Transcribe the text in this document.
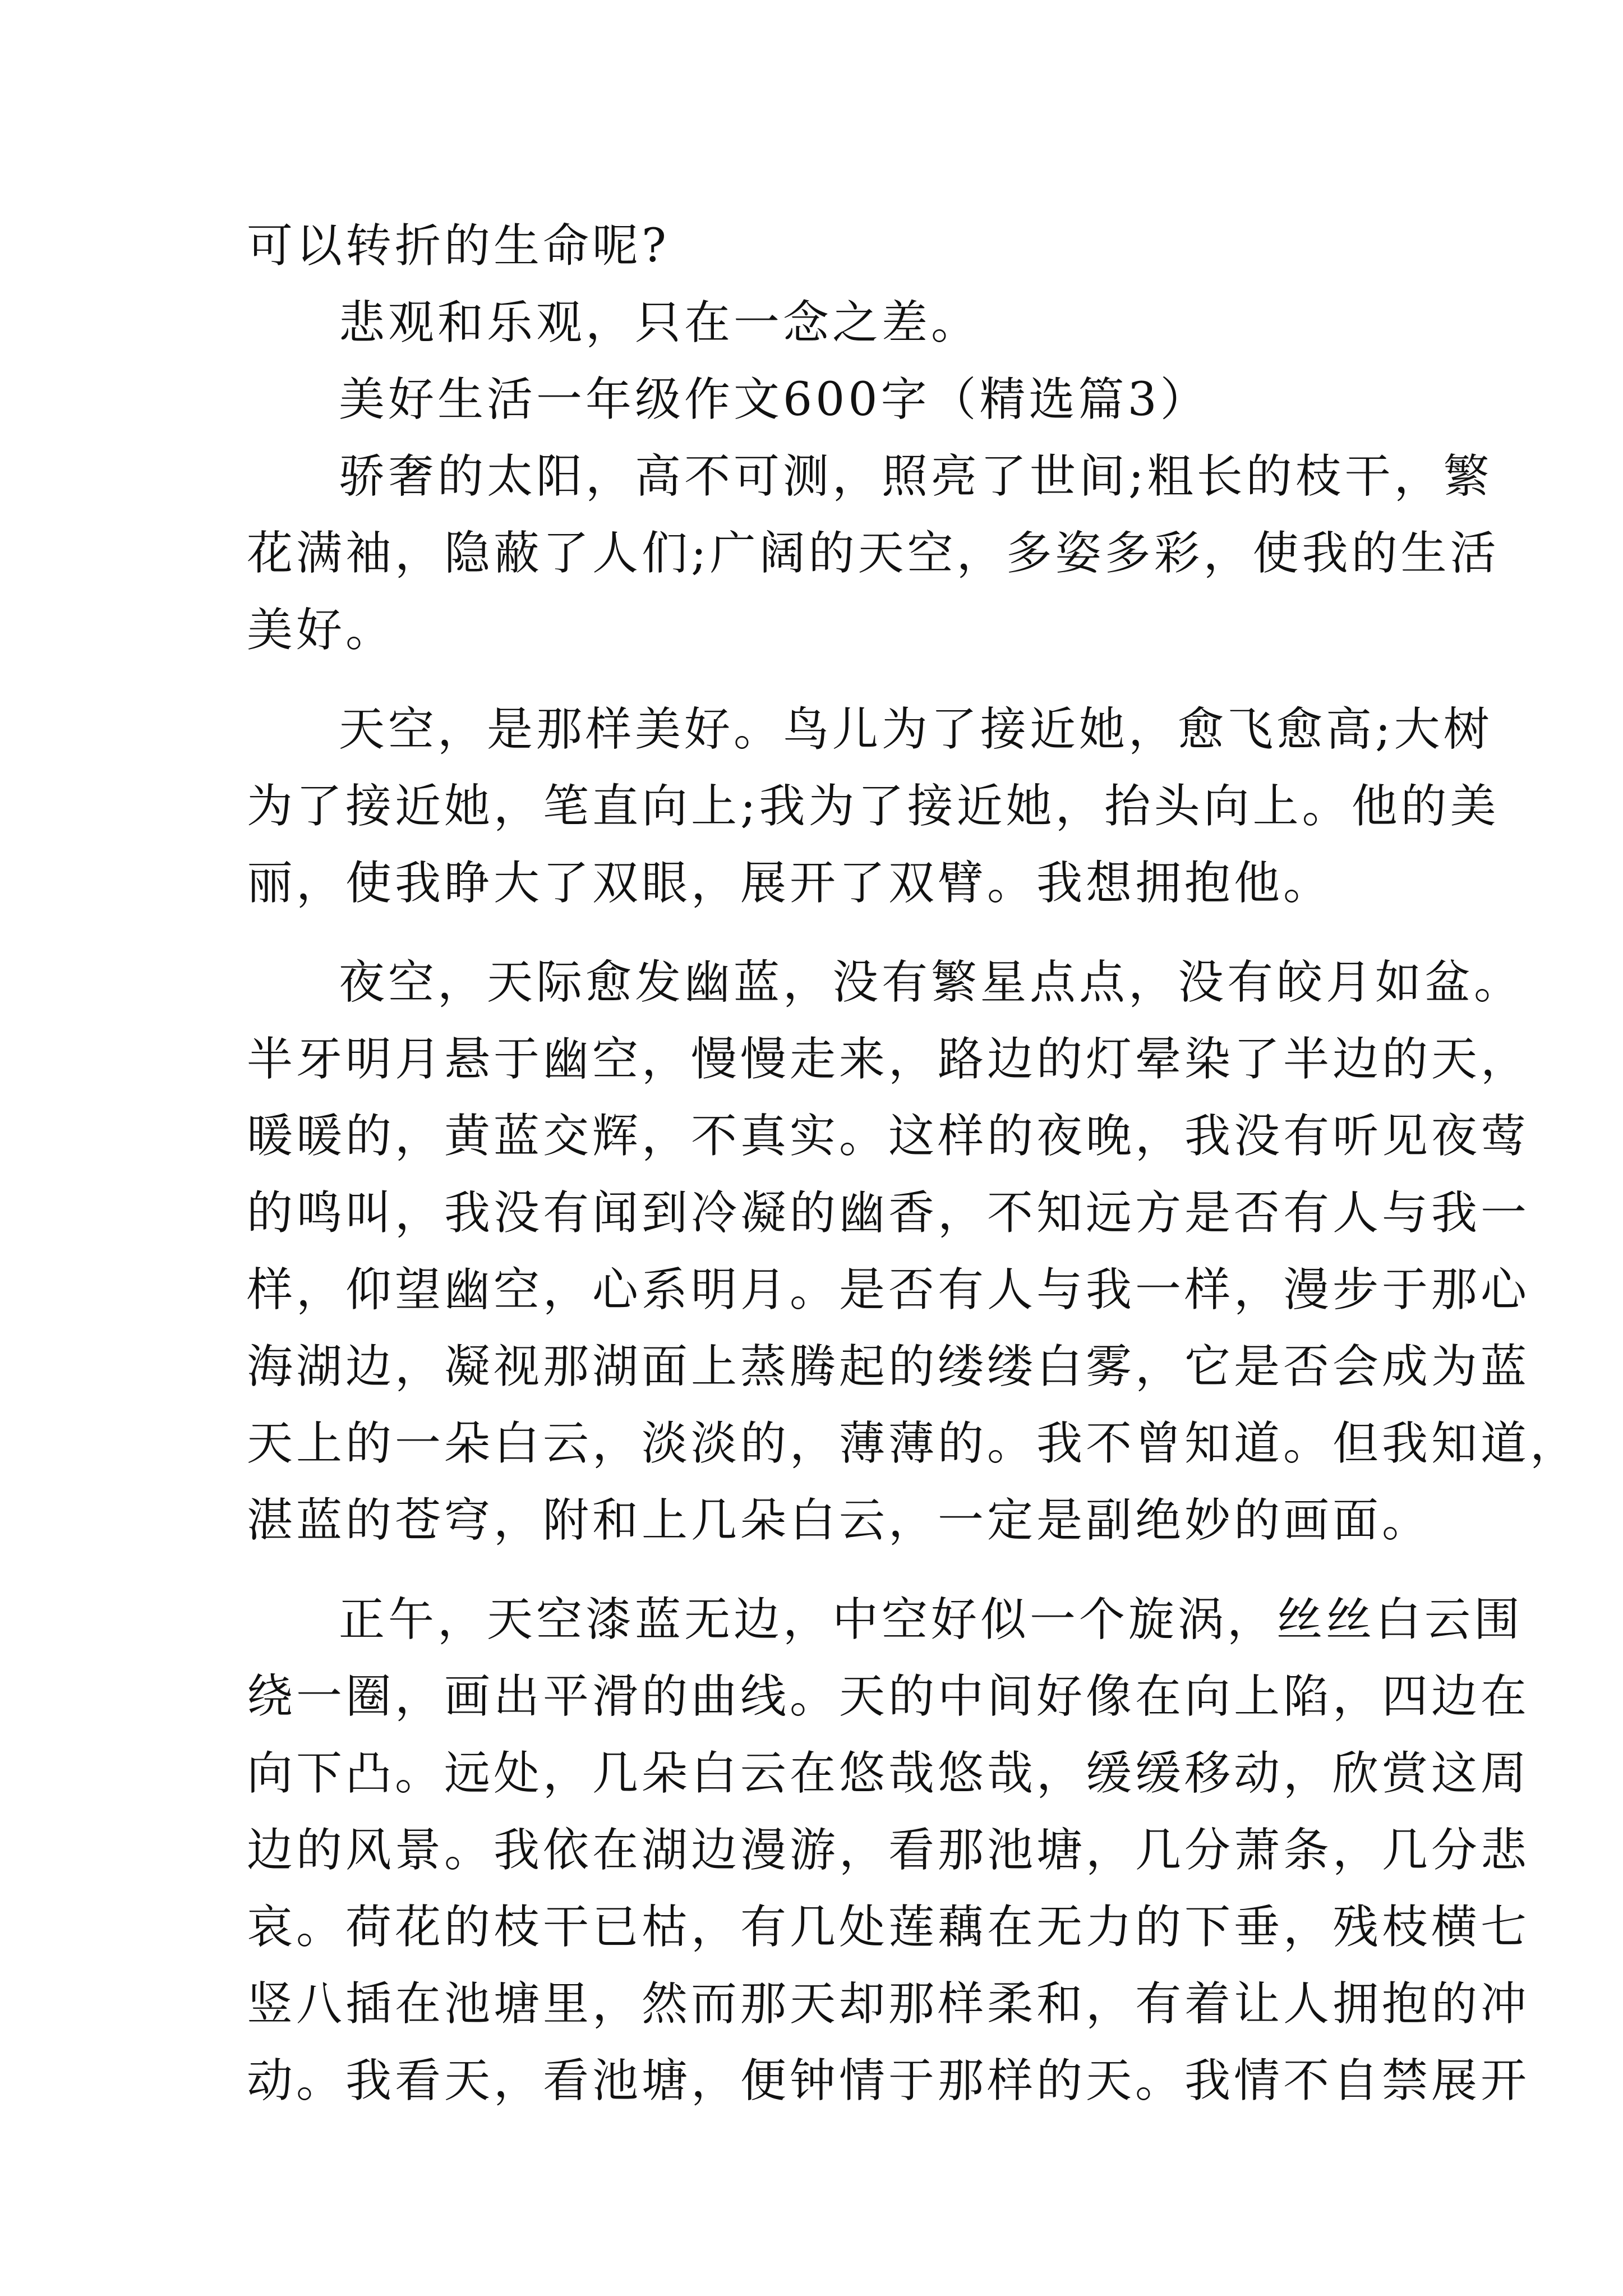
可以转折的生命呢?

悲观和乐观，只在一念之差。

美好生活一年级作文600字（精选篇3）

骄奢的太阳，高不可测，照亮了世间;粗长的枝干，繁
花满袖，隐蔽了人们;广阔的天空，多姿多彩，使我的生活
美好。

天空，是那样美好。鸟儿为了接近她，愈飞愈高;大树
为了接近她，笔直向上;我为了接近她，抬头向上。他的美
丽，使我睁大了双眼，展开了双臂。我想拥抱他。

夜空，天际愈发幽蓝，没有繁星点点，没有皎月如盆。
半牙明月悬于幽空，慢慢走来，路边的灯晕染了半边的天，
暖暖的，黄蓝交辉，不真实。这样的夜晚，我没有听见夜莺
的鸣叫，我没有闻到冷凝的幽香，不知远方是否有人与我一
样，仰望幽空，心系明月。是否有人与我一样，漫步于那心
海湖边，凝视那湖面上蒸腾起的缕缕白雾，它是否会成为蓝
天上的一朵白云，淡淡的，薄薄的。我不曾知道。但我知道，
湛蓝的苍穹，附和上几朵白云，一定是副绝妙的画面。

正午，天空漆蓝无边，中空好似一个旋涡，丝丝白云围
绕一圈，画出平滑的曲线。天的中间好像在向上陷，四边在
向下凸。远处，几朵白云在悠哉悠哉，缓缓移动，欣赏这周
边的风景。我依在湖边漫游，看那池塘，几分萧条，几分悲
哀。荷花的枝干已枯，有几处莲藕在无力的下垂，残枝横七
竖八插在池塘里，然而那天却那样柔和，有着让人拥抱的冲
动。我看天，看池塘，便钟情于那样的天。我情不自禁展开
